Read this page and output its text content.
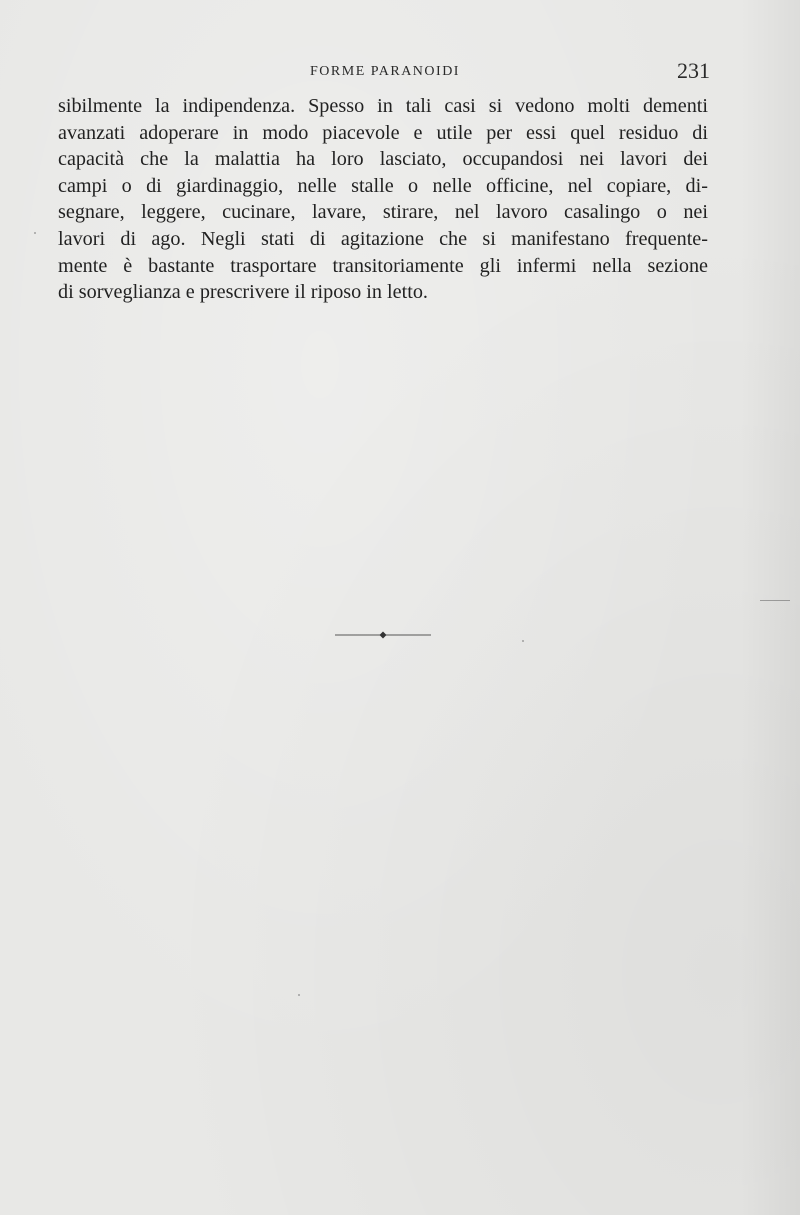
FORME PARANOIDI	231
sibilmente la indipendenza. Spesso in tali casi si vedono molti dementi
avanzati adoperare in modo piacevole e utile per essi quel residuo di
capacità che la malattia ha loro lasciato, occupandosi nei lavori dei
campi o di giardinaggio, nelle stalle o nelle officine, nel copiare, di-
segnare, leggere, cucinare, lavare, stirare, nel lavoro casalingo o nei
lavori di ago. Negli stati di agitazione che si manifestano frequente-
mente è bastante trasportare transitoriamente gli infermi nella sezione
di sorveglianza e prescrivere il riposo in letto.
